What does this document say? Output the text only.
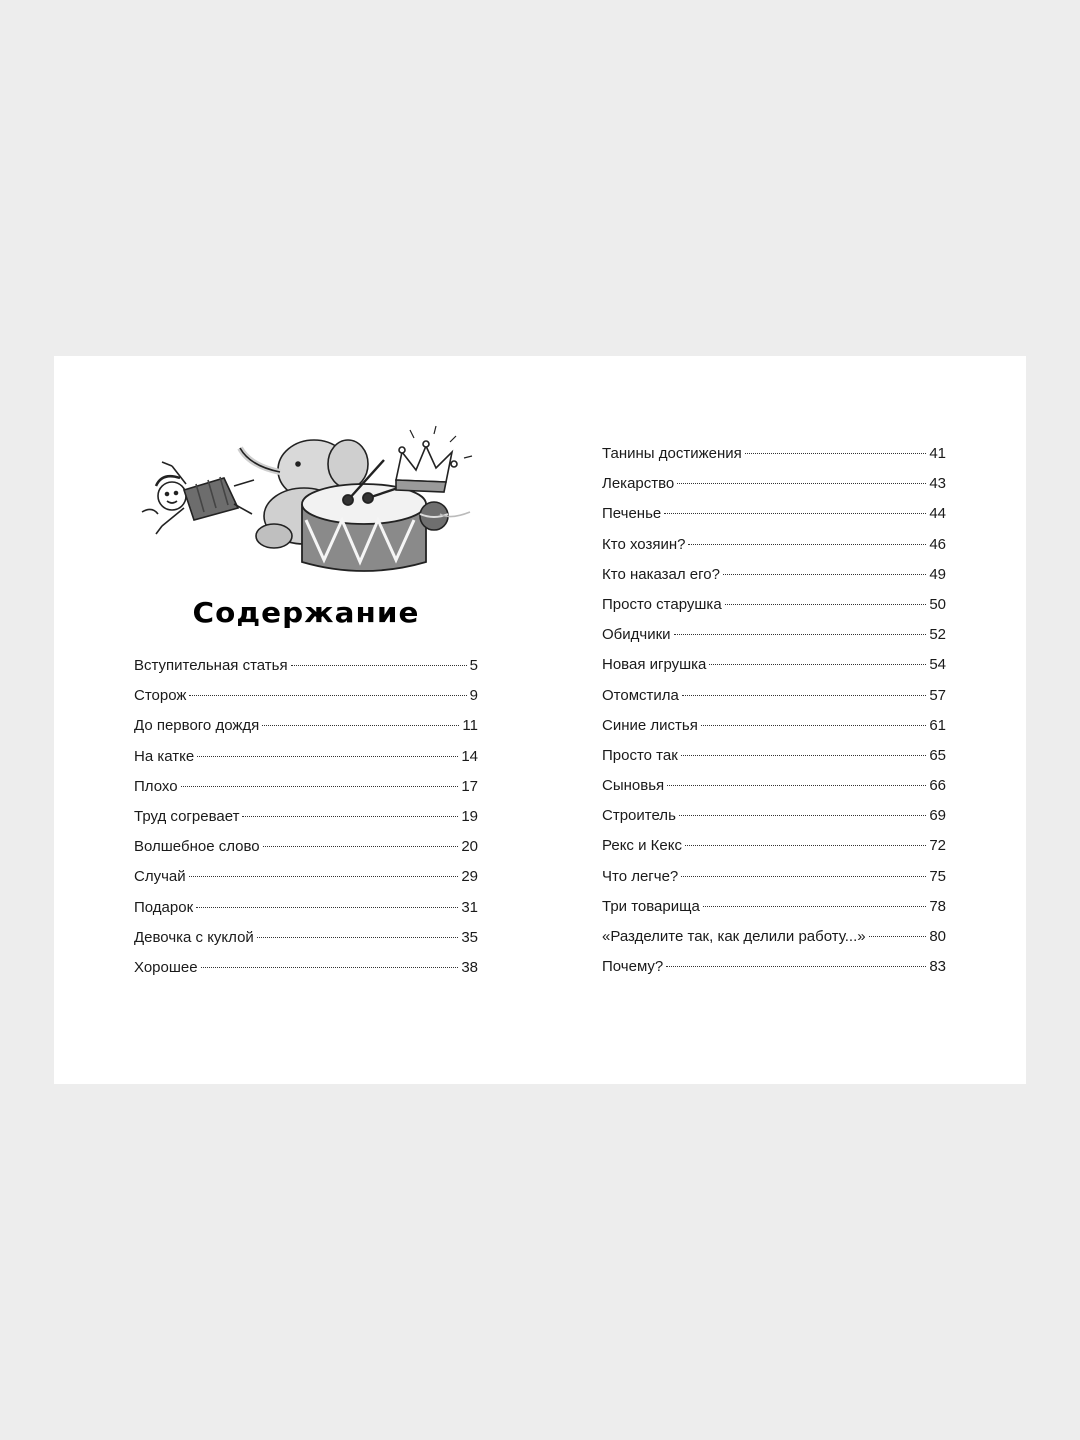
Содержание
Вступительная статья	5
Сторож	9
До первого дождя	11
На катке	14
Плохо	17
Труд согревает	19
Волшебное слово	20
Случай	29
Подарок	31
Девочка с куклой	35
Хорошее	38
Танины достижения	41
Лекарство	43
Печенье	44
Кто хозяин?	46
Кто наказал его?	49
Просто старушка	50
Обидчики	52
Новая игрушка	54
Отомстила	57
Синие листья	61
Просто так	65
Сыновья	66
Строитель	69
Рекс и Кекс	72
Что легче?	75
Три товарища	78
«Разделите так, как делили работу...»	80
Почему?	83
